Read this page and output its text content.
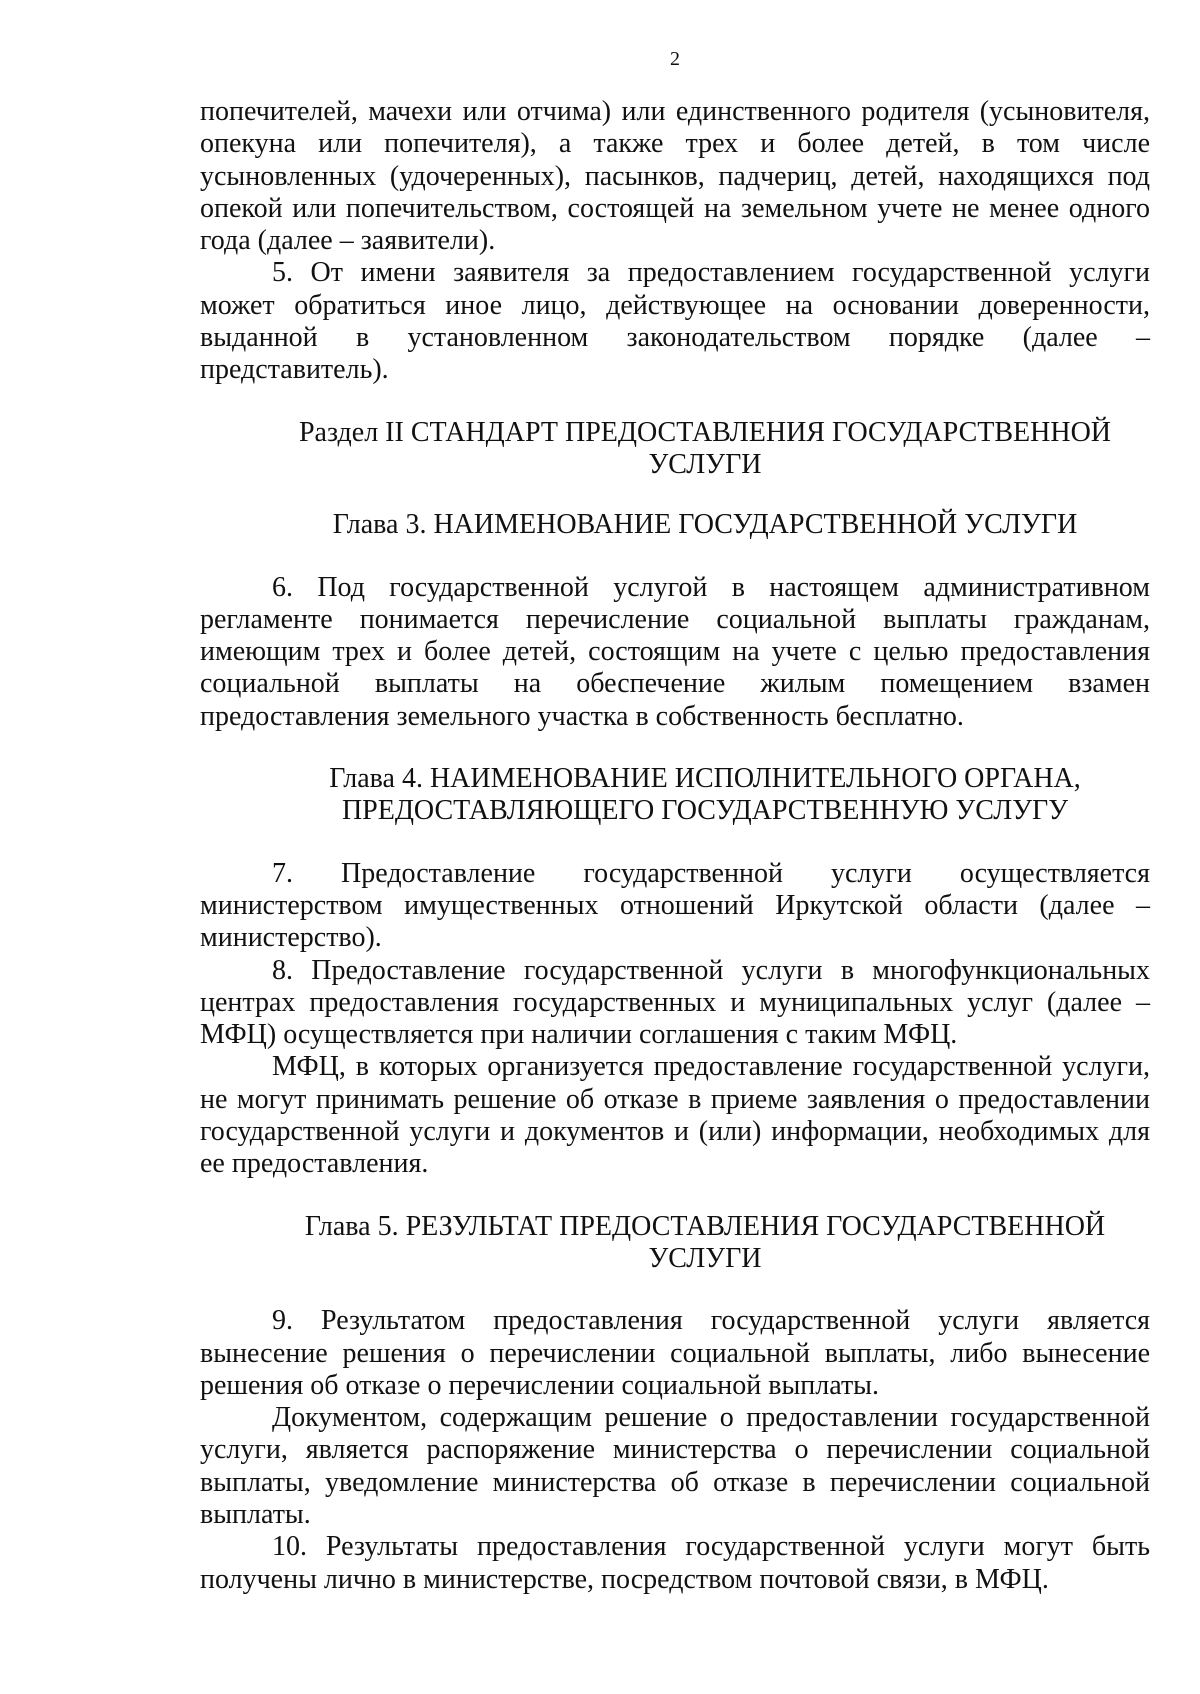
2

попечителей, мачехи или отчима) или единственного родителя (усыновителя, опекуна или попечителя), а также трех и более детей, в том числе усыновленных (удочеренных), пасынков, падчериц, детей, находящихся под опекой или попечительством, состоящей на земельном учете не менее одного года (далее – заявители).

5. От имени заявителя за предоставлением государственной услуги может обратиться иное лицо, действующее на основании доверенности, выданной в установленном законодательством порядке (далее – представитель).

Раздел II СТАНДАРТ ПРЕДОСТАВЛЕНИЯ ГОСУДАРСТВЕННОЙ
УСЛУГИ
Глава 3. НАИМЕНОВАНИЕ ГОСУДАРСТВЕННОЙ УСЛУГИ

6. Под государственной услугой в настоящем административном регламенте понимается перечисление социальной выплаты гражданам, имеющим трех и более детей, состоящим на учете с целью предоставления социальной выплаты на обеспечение жилым помещением взамен предоставления земельного участка в собственность бесплатно.

Глава 4. НАИМЕНОВАНИЕ ИСПОЛНИТЕЛЬНОГО ОРГАНА,
ПРЕДОСТАВЛЯЮЩЕГО ГОСУДАРСТВЕННУЮ УСЛУГУ

7. Предоставление государственной услуги осуществляется министерством имущественных отношений Иркутской области (далее – министерство).

8. Предоставление государственной услуги в многофункциональных центрах предоставления государственных и муниципальных услуг (далее – МФЦ) осуществляется при наличии соглашения с таким МФЦ.

МФЦ, в которых организуется предоставление государственной услуги, не могут принимать решение об отказе в приеме заявления о предоставлении государственной услуги и документов и (или) информации, необходимых для ее предоставления.

Глава 5. РЕЗУЛЬТАТ ПРЕДОСТАВЛЕНИЯ ГОСУДАРСТВЕННОЙ
УСЛУГИ

9. Результатом предоставления государственной услуги является вынесение решения о перечислении социальной выплаты, либо вынесение решения об отказе о перечислении социальной выплаты.

Документом, содержащим решение о предоставлении государственной услуги, является распоряжение министерства о перечислении социальной выплаты, уведомление министерства об отказе в перечислении социальной выплаты.

10. Результаты предоставления государственной услуги могут быть получены лично в министерстве, посредством почтовой связи, в МФЦ.
